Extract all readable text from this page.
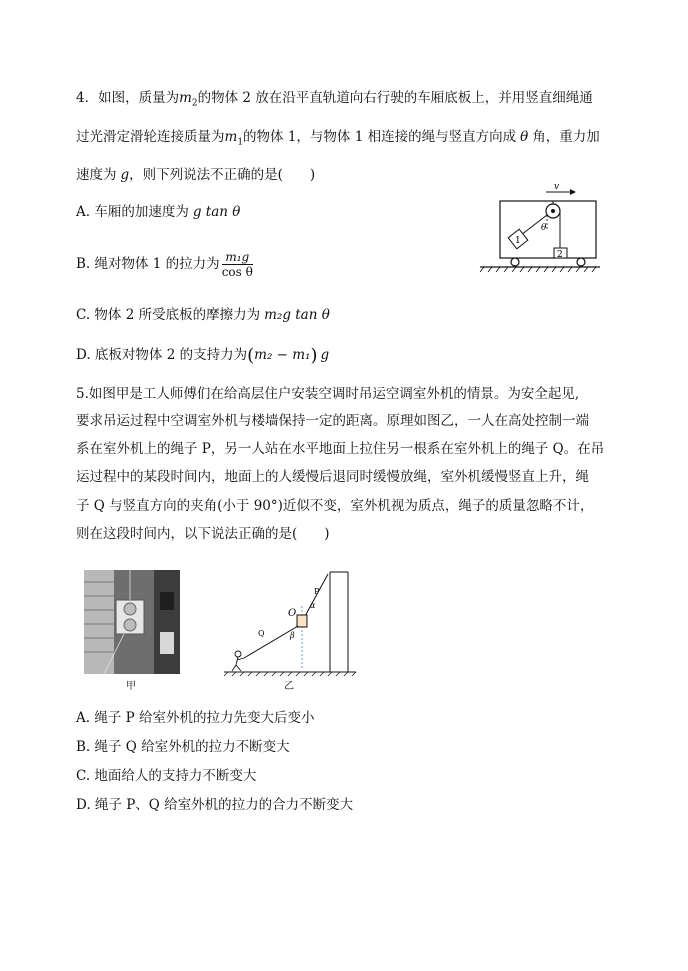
4．如图，质量为$m_2$的物体 2 放在沿平直轨道向右行驶的车厢底板上，并用竖直细绳通
过光滑定滑轮连接质量为$m_1$的物体 1，与物体 1 相连接的绳与竖直方向成 θ 角，重力加
速度为 g，则下列说法不正确的是(　　)
A. 车厢的加速度为 g tan θ
B. 绳对物体 1 的拉力为 $\frac{\text{m₁g}}{\text{cos θ}}$
C. 物体 2 所受底板的摩擦力为 m₂g tan θ
D. 底板对物体 2 的支持力为(m₂ − m₁) g
v
θ
1
2
5.如图甲是工人师傅们在给高层住户安装空调时吊运空调室外机的情景。为安全起见,
要求吊运过程中空调室外机与楼墙保持一定的距离。原理如图乙，一人在高处控制一端
系在室外机上的绳子 P，另一人站在水平地面上拉住另一根系在室外机上的绳子 Q。在吊
运过程中的某段时间内，地面上的人缓慢后退同时缓慢放绳，室外机缓慢竖直上升，绳
子 Q 与竖直方向的夹角(小于 90°)近似不变，室外机视为质点，绳子的质量忽略不计，
则在这段时间内，以下说法正确的是(　　)
甲
P
α
O
β
Q
乙
A. 绳子 P 给室外机的拉力先变大后变小
B. 绳子 Q 给室外机的拉力不断变大
C. 地面给人的支持力不断变大
D. 绳子 P、Q 给室外机的拉力的合力不断变大
